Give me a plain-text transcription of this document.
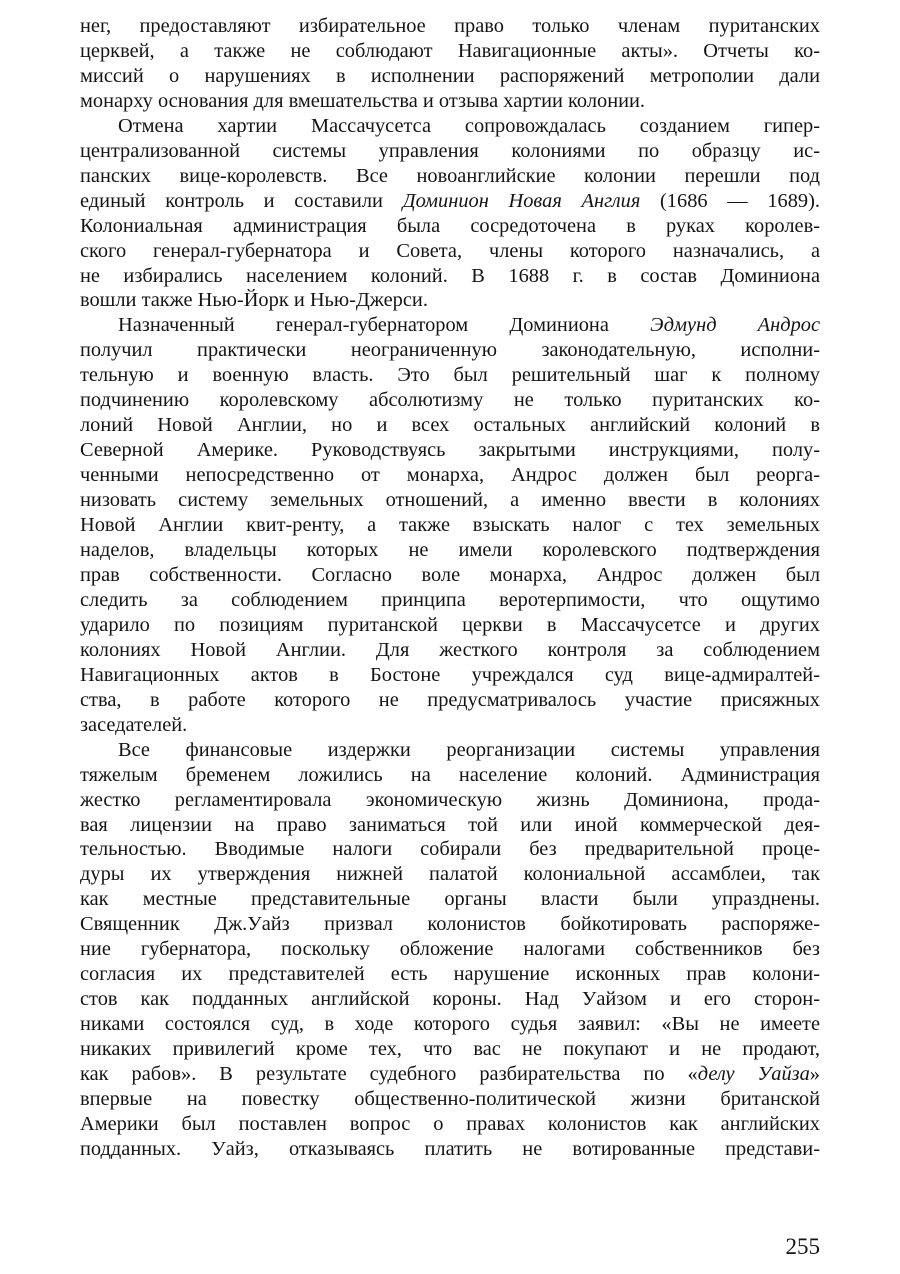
нег, предоставляют избирательное право только членам пуританских
церквей, а также не соблюдают Навигационные акты». Отчеты ко-
миссий о нарушениях в исполнении распоряжений метрополии дали
монарху основания для вмешательства и отзыва хартии колонии.
Отмена хартии Массачусетса сопровождалась созданием гипер-
централизованной системы управления колониями по образцу ис-
панских вице-королевств. Все новоанглийские колонии перешли под
единый контроль и составили Доминион Новая Англия (1686 — 1689).
Колониальная администрация была сосредоточена в руках королев-
ского генерал-губернатора и Совета, члены которого назначались, а
не избирались населением колоний. В 1688 г. в состав Доминиона
вошли также Нью-Йорк и Нью-Джерси.
Назначенный генерал-губернатором Доминиона Эдмунд Андрос
получил практически неограниченную законодательную, исполни-
тельную и военную власть. Это был решительный шаг к полному
подчинению королевскому абсолютизму не только пуританских ко-
лоний Новой Англии, но и всех остальных английский колоний в
Северной Америке. Руководствуясь закрытыми инструкциями, полу-
ченными непосредственно от монарха, Андрос должен был реорга-
низовать систему земельных отношений, а именно ввести в колониях
Новой Англии квит-ренту, а также взыскать налог с тех земельных
наделов, владельцы которых не имели королевского подтверждения
прав собственности. Согласно воле монарха, Андрос должен был
следить за соблюдением принципа веротерпимости, что ощутимо
ударило по позициям пуританской церкви в Массачусетсе и других
колониях Новой Англии. Для жесткого контроля за соблюдением
Навигационных актов в Бостоне учреждался суд вице-адмиралтей-
ства, в работе которого не предусматривалось участие присяжных
заседателей.
Все финансовые издержки реорганизации системы управления
тяжелым бременем ложились на население колоний. Администрация
жестко регламентировала экономическую жизнь Доминиона, прода-
вая лицензии на право заниматься той или иной коммерческой дея-
тельностью. Вводимые налоги собирали без предварительной проце-
дуры их утверждения нижней палатой колониальной ассамблеи, так
как местные представительные органы власти были упразднены.
Священник Дж.Уайз призвал колонистов бойкотировать распоряже-
ние губернатора, поскольку обложение налогами собственников без
согласия их представителей есть нарушение исконных прав колони-
стов как подданных английской короны. Над Уайзом и его сторон-
никами состоялся суд, в ходе которого судья заявил: «Вы не имеете
никаких привилегий кроме тех, что вас не покупают и не продают,
как рабов». В результате судебного разбирательства по «делу Уайза»
впервые на повестку общественно-политической жизни британской
Америки был поставлен вопрос о правах колонистов как английских
подданных. Уайз, отказываясь платить не вотированные представи-
255
